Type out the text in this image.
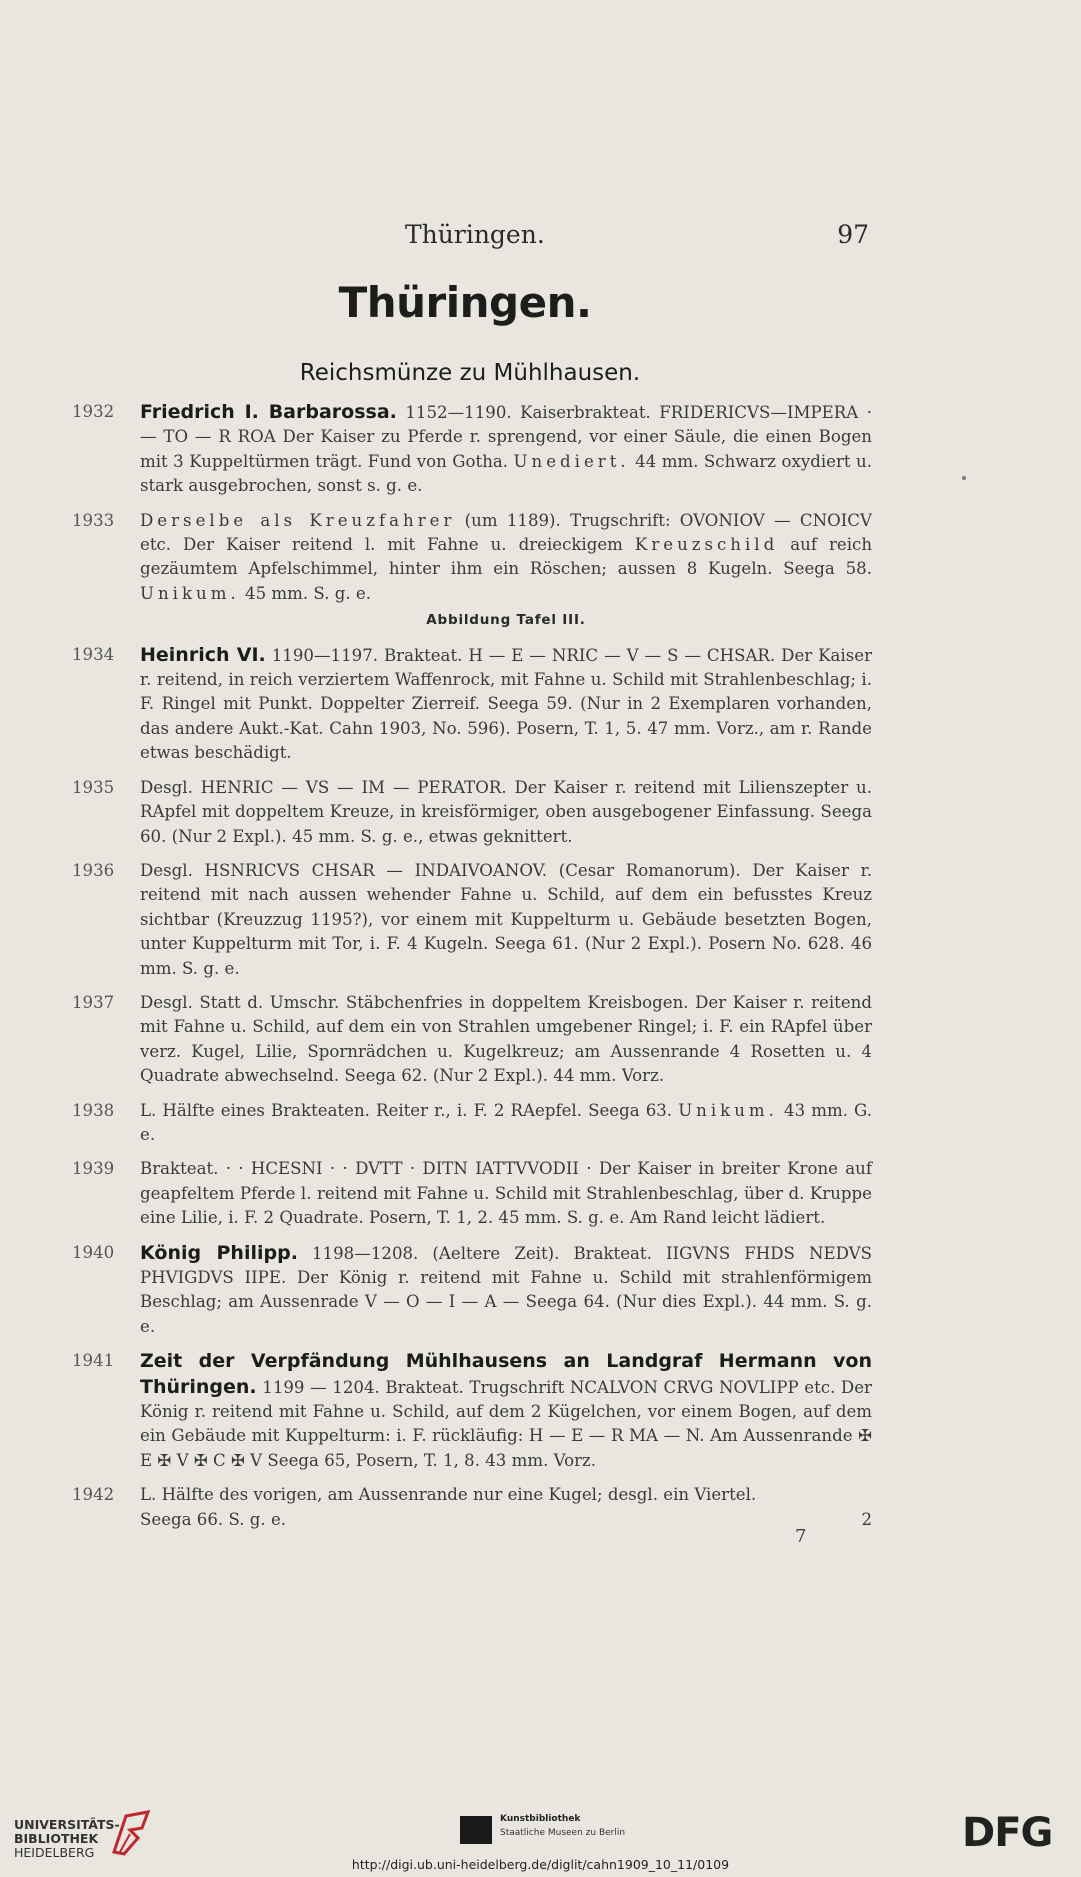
Thüringen.	97
Thüringen.
Reichsmünze zu Mühlhausen.
1932 Friedrich I. Barbarossa. 1152—1190. Kaiserbrakteat. FRIDERICVS—IMPERA · — TO — R ROA Der Kaiser zu Pferde r. sprengend, vor einer Säule, die einen Bogen mit 3 Kuppeltürmen trägt. Fund von Gotha. Unediert. 44 mm. Schwarz oxydiert u. stark ausgebrochen, sonst s. g. e.
1933 Derselbe als Kreuzfahrer (um 1189). Trugschrift: OVONIOV — CNOICV etc. Der Kaiser reitend l. mit Fahne u. dreieckigem Kreuzschild auf reich gezäumtem Apfelschimmel, hinter ihm ein Röschen; aussen 8 Kugeln. Seega 58. Unikum. 45 mm. S. g. e.
Abbildung Tafel III.
1934 Heinrich VI. 1190—1197. Brakteat. H — E — NRIC — V — S — CHSAR. Der Kaiser r. reitend, in reich verziertem Waffenrock, mit Fahne u. Schild mit Strahlenbeschlag; i. F. Ringel mit Punkt. Doppelter Zierreif. Seega 59. (Nur in 2 Exemplaren vorhanden, das andere Aukt.-Kat. Cahn 1903, No. 596). Posern, T. 1, 5. 47 mm. Vorz., am r. Rande etwas beschädigt.
1935 Desgl. HENRIC — VS — IM — PERATOR. Der Kaiser r. reitend mit Lilienszepter u. RApfel mit doppeltem Kreuze, in kreisförmiger, oben ausgebogener Einfassung. Seega 60. (Nur 2 Expl.). 45 mm. S. g. e., etwas geknittert.
1936 Desgl. HSNRICVS CHSAR — INDAIVOANOV. (Cesar Romanorum). Der Kaiser r. reitend mit nach aussen wehender Fahne u. Schild, auf dem ein befusstes Kreuz sichtbar (Kreuzzug 1195?), vor einem mit Kuppelturm u. Gebäude besetzten Bogen, unter Kuppelturm mit Tor, i. F. 4 Kugeln. Seega 61. (Nur 2 Expl.). Posern No. 628. 46 mm. S. g. e.
1937 Desgl. Statt d. Umschr. Stäbchenfries in doppeltem Kreisbogen. Der Kaiser r. reitend mit Fahne u. Schild, auf dem ein von Strahlen umgebener Ringel; i. F. ein RApfel über verz. Kugel, Lilie, Spornrädchen u. Kugelkreuz; am Aussenrande 4 Rosetten u. 4 Quadrate abwechselnd. Seega 62. (Nur 2 Expl.). 44 mm. Vorz.
1938 L. Hälfte eines Brakteaten. Reiter r., i. F. 2 RAepfel. Seega 63. Unikum. 43 mm. G. e.
1939 Brakteat. · · HCESNI · · DVTT · DITN IATTVVODII · Der Kaiser in breiter Krone auf geapfeltem Pferde l. reitend mit Fahne u. Schild mit Strahlenbeschlag, über d. Kruppe eine Lilie, i. F. 2 Quadrate. Posern, T. 1, 2. 45 mm. S. g. e. Am Rand leicht lädiert.
1940 König Philipp. 1198—1208. (Aeltere Zeit). Brakteat. IIGVNS FHDS NEDVS PHVIGDVS IIPE. Der König r. reitend mit Fahne u. Schild mit strahlenförmigem Beschlag; am Aussenrade V — O — I — A — Seega 64. (Nur dies Expl.). 44 mm. S. g. e.
1941 Zeit der Verpfändung Mühlhausens an Landgraf Hermann von Thüringen. 1199 — 1204. Brakteat. Trugschrift NCALVON CRVG NOVLIPP etc. Der König r. reitend mit Fahne u. Schild, auf dem 2 Kügelchen, vor einem Bogen, auf dem ein Gebäude mit Kuppelturm: i. F. rückläufig: H — E — R MA — N. Am Aussenrande ✠ E ✠ V ✠ C ✠ V Seega 65, Posern, T. 1, 8. 43 mm. Vorz.
1942 L. Hälfte des vorigen, am Aussenrande nur eine Kugel; desgl. ein Viertel.
Seega 66. S. g. e.	2
7
UNIVERSITÄTS-
BIBLIOTHEK
HEIDELBERG
Kunstbibliothek
Staatliche Museen zu Berlin	DFG
http://digi.ub.uni-heidelberg.de/diglit/cahn1909_10_11/0109
